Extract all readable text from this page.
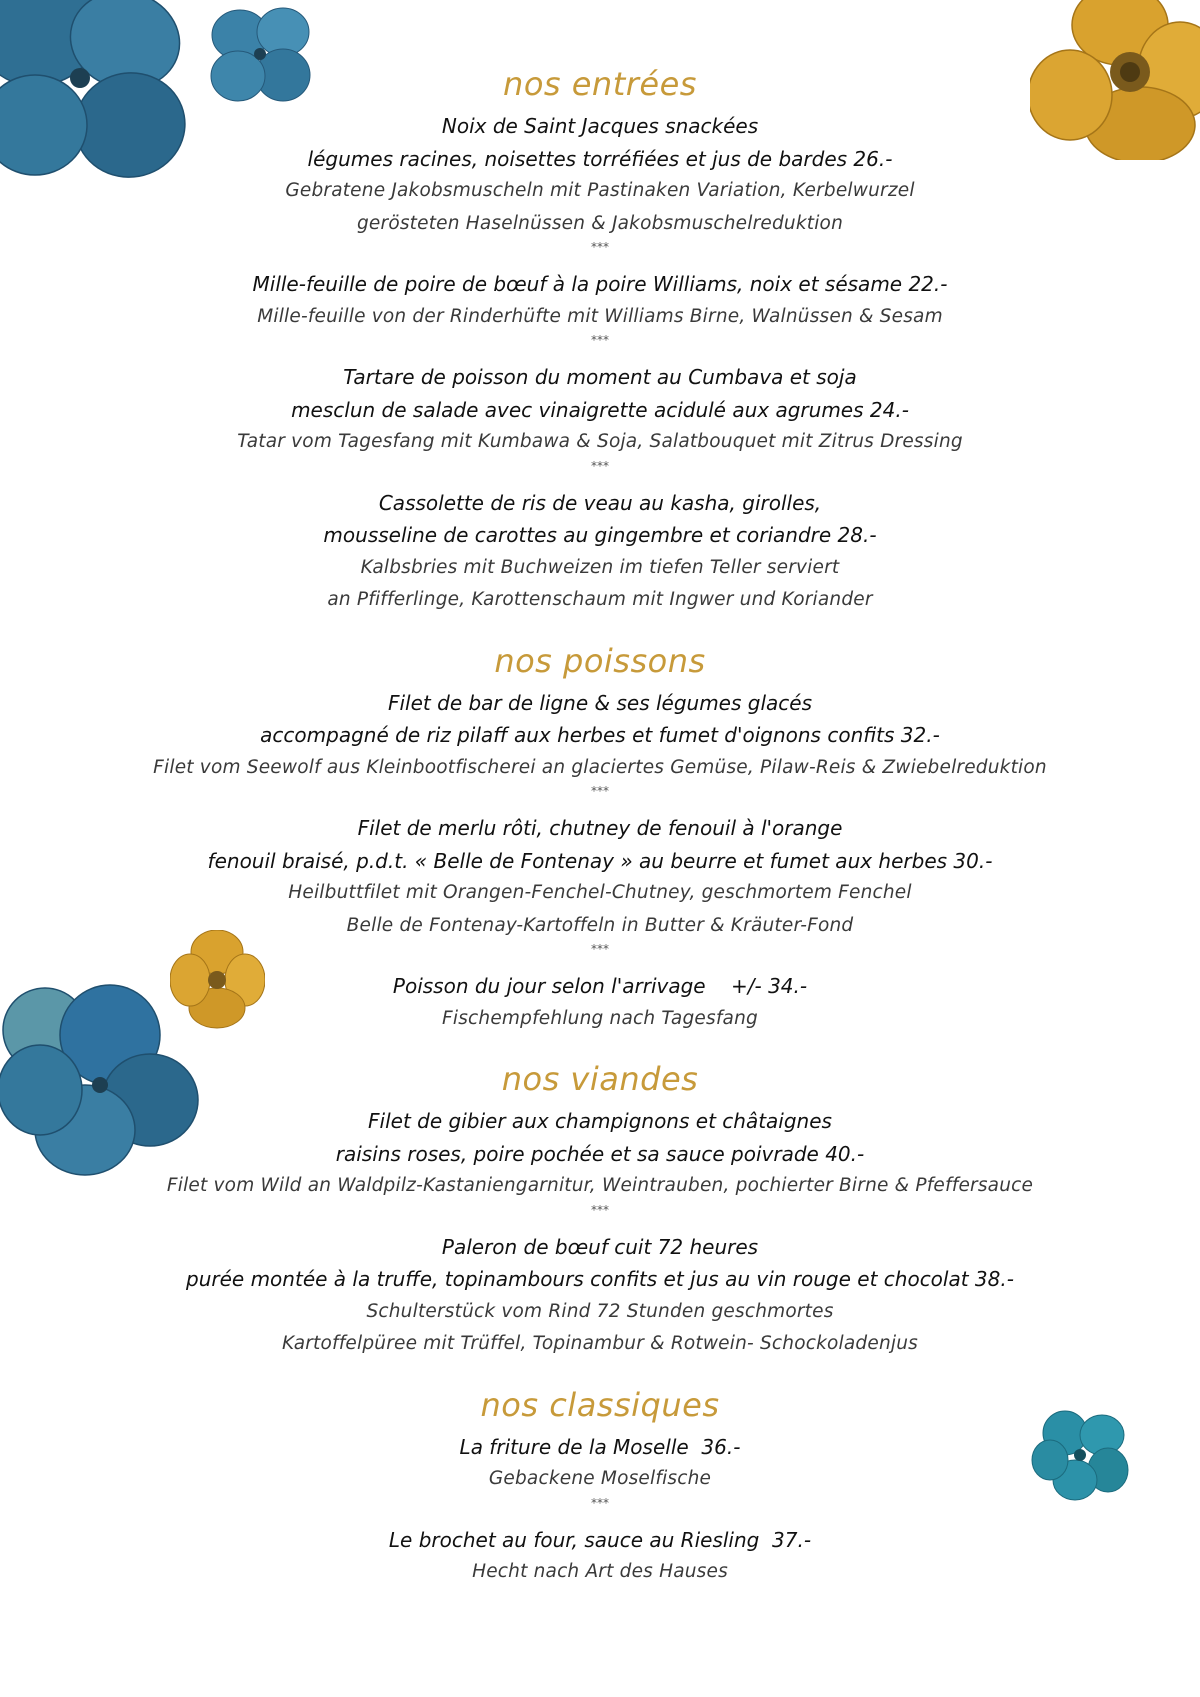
nos entrées
Noix de Saint Jacques snackées
légumes racines, noisettes torréfiées et jus de bardes 26.-
Gebratene Jakobsmuscheln mit Pastinaken Variation, Kerbelwurzel
gerösteten Haselnüssen & Jakobsmuschelreduktion
***
Mille-feuille de poire de bœuf à la poire Williams, noix et sésame 22.-
Mille-feuille von der Rinderhüfte mit Williams Birne, Walnüssen & Sesam
***
Tartare de poisson du moment au Cumbava et soja
mesclun de salade avec vinaigrette acidulé aux agrumes 24.-
Tatar vom Tagesfang mit Kumbawa & Soja, Salatbouquet mit Zitrus Dressing
***
Cassolette de ris de veau au kasha, girolles,
mousseline de carottes au gingembre et coriandre 28.-
Kalbsbries mit Buchweizen im tiefen Teller serviert
an Pfifferlinge, Karottenschaum mit Ingwer und Koriander
nos poissons
Filet de bar de ligne & ses légumes glacés
accompagné de riz pilaff aux herbes et fumet d'oignons confits 32.-
Filet vom Seewolf aus Kleinbootfischerei an glaciertes Gemüse, Pilaw-Reis & Zwiebelreduktion
***
Filet de merlu rôti, chutney de fenouil à l'orange
fenouil braisé, p.d.t. « Belle de Fontenay » au beurre et fumet aux herbes 30.-
Heilbuttfilet mit Orangen-Fenchel-Chutney, geschmortem Fenchel
Belle de Fontenay-Kartoffeln in Butter & Kräuter-Fond
***
Poisson du jour selon l'arrivage    +/- 34.-
Fischempfehlung nach Tagesfang
nos viandes
Filet de gibier aux champignons et châtaignes
raisins roses, poire pochée et sa sauce poivrade 40.-
Filet vom Wild an Waldpilz-Kastaniengarnitur, Weintrauben, pochierter Birne & Pfeffersauce
***
Paleron de bœuf cuit 72 heures
purée montée à la truffe, topinambours confits et jus au vin rouge et chocolat 38.-
Schulterstück vom Rind 72 Stunden geschmortes
Kartoffelpüree mit Trüffel, Topinambur & Rotwein- Schockoladenjus
nos classiques
La friture de la Moselle  36.-
Gebackene Moselfische
***
Le brochet au four, sauce au Riesling  37.-
Hecht nach Art des Hauses
